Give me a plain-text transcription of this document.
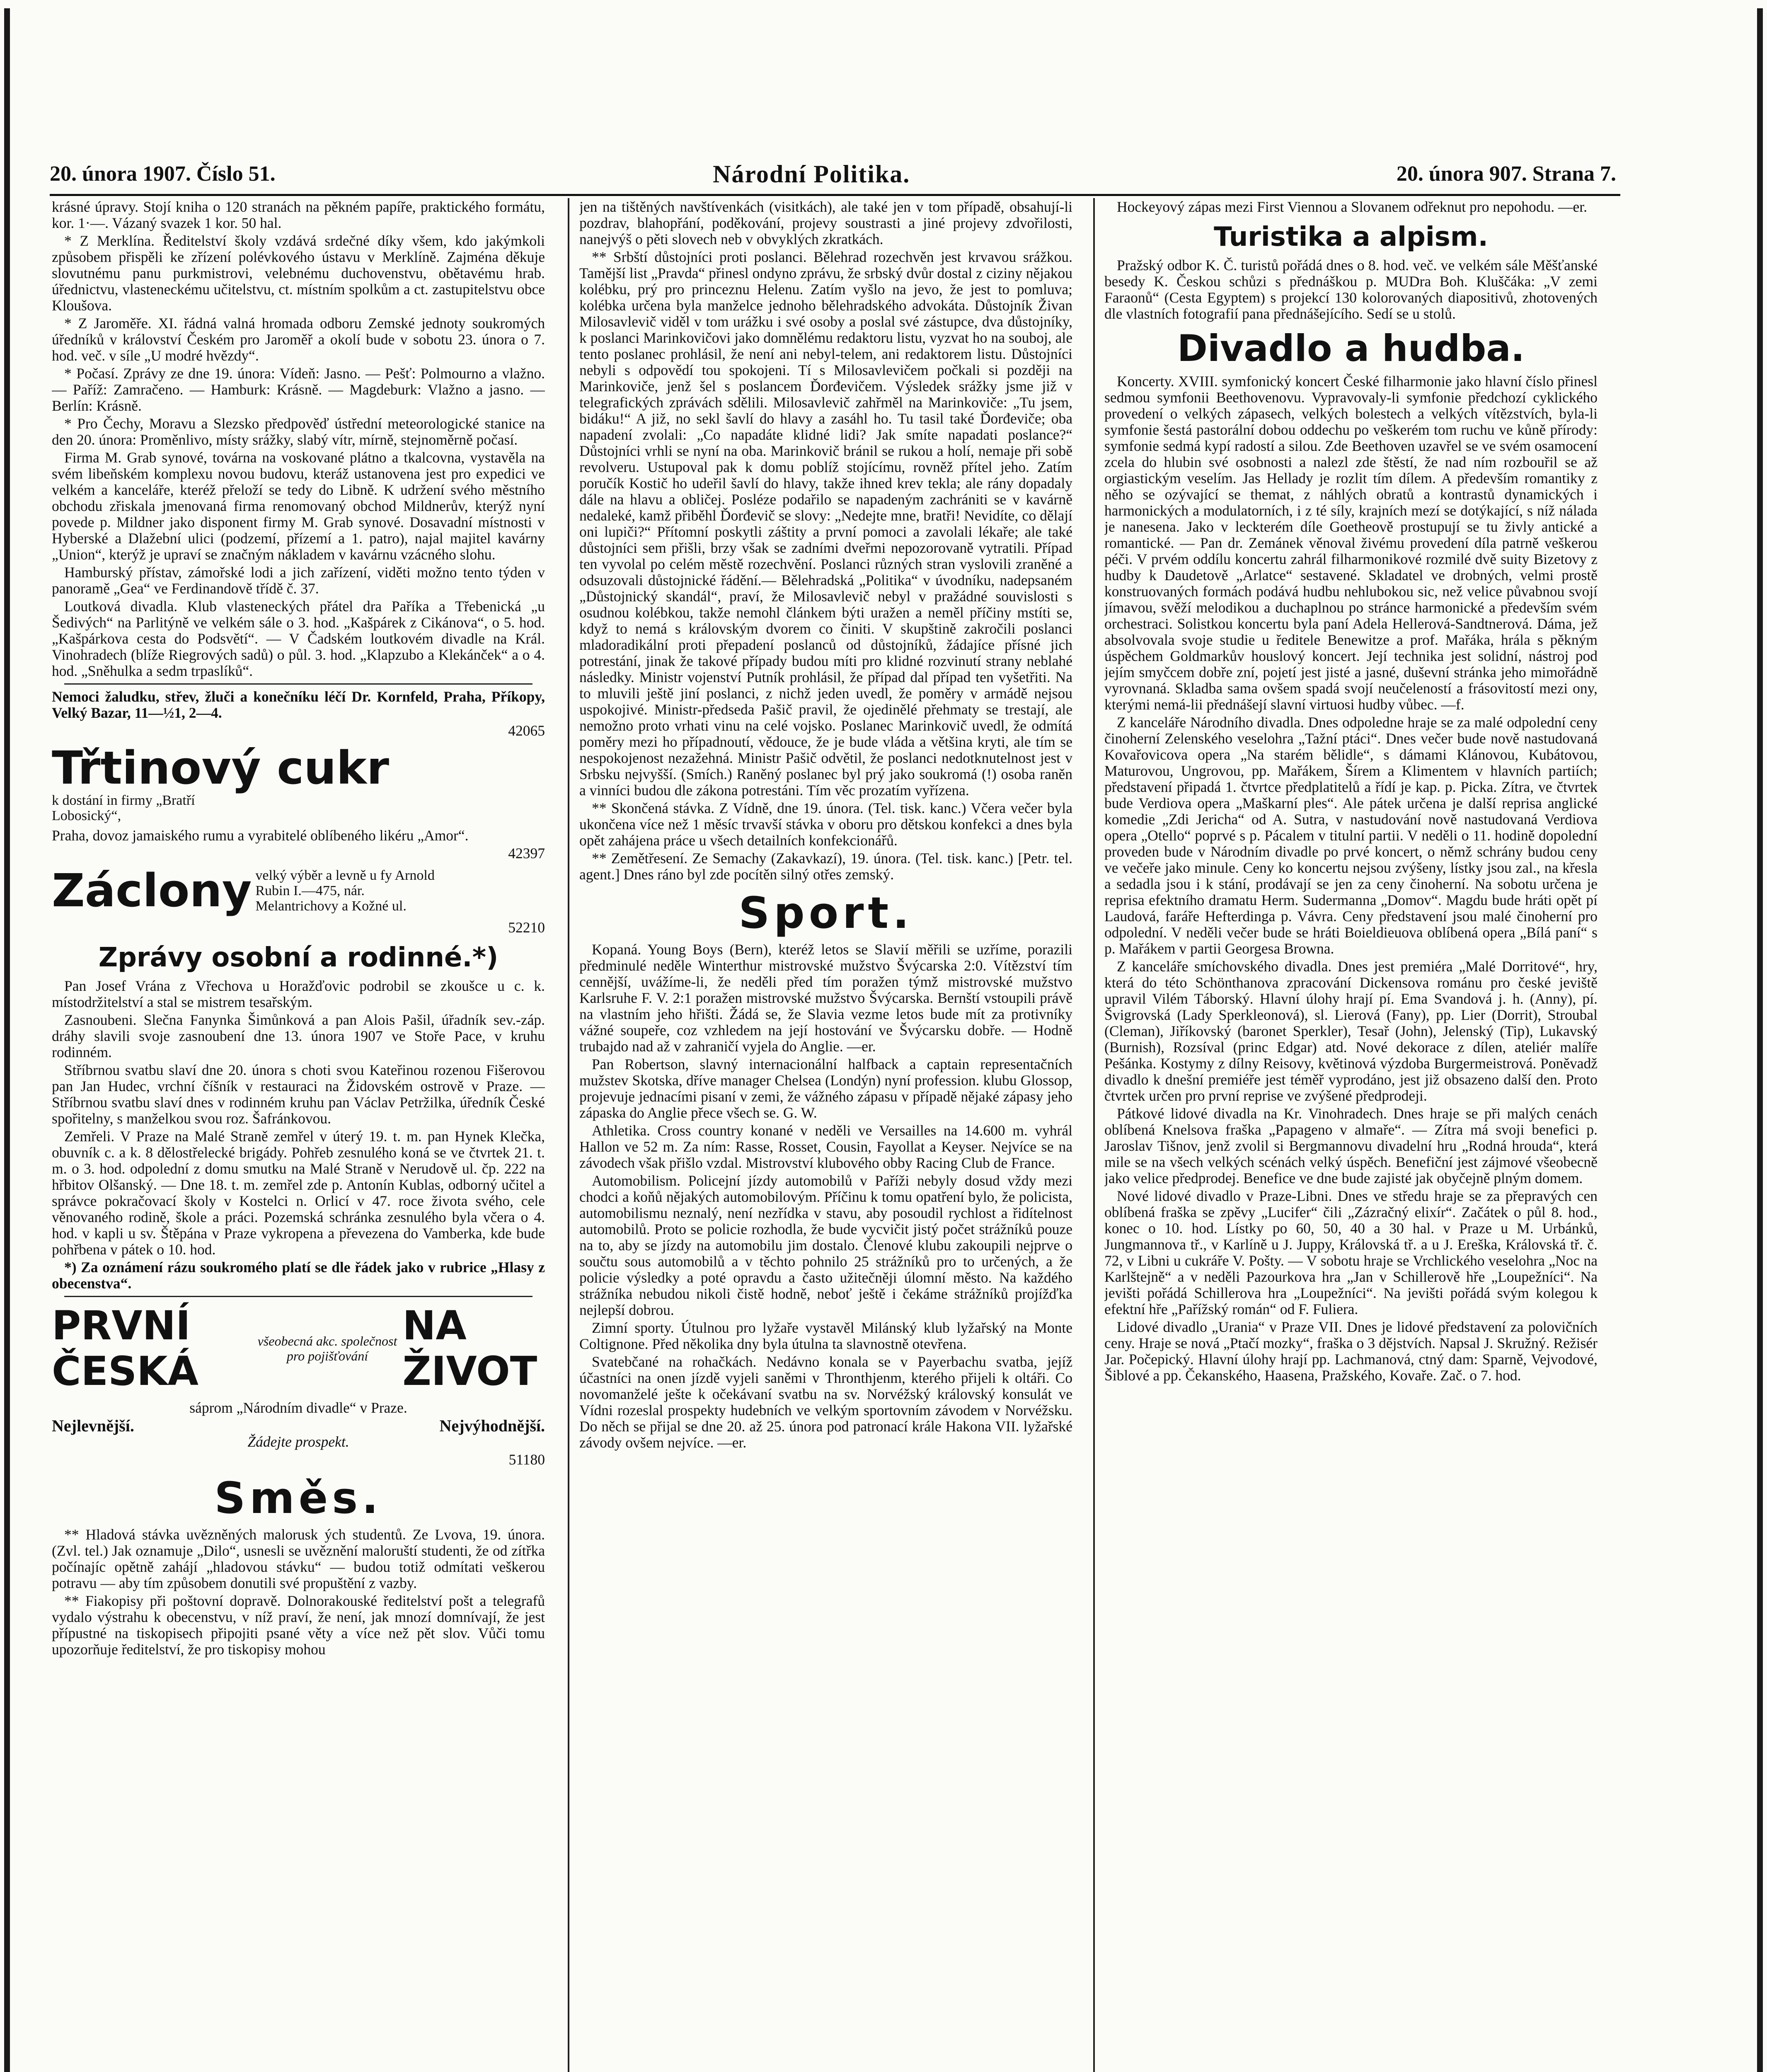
20. února 1907. Číslo 51.	Národní Politika.	20. února 907. Strana 7.

krásné úpravy. Stojí kniha o 120 stranách na pěkném papíře, praktického formátu, kor. 1·—. Vázaný svazek 1 kor. 50 hal.

* Z Merklína. Ředitelství školy vzdává srdečné díky všem, kdo jakýmkoli způsobem přispěli ke zřízení polévkového ústavu v Merklíně. Zajména děkuje slovutnému panu purkmistrovi, velebnému duchovenstvu, obětavému hrab. úřednictvu, vlasteneckému učitelstvu, ct. místním spolkům a ct. zastupitelstvu obce Kloušova.

* Z Jaroměře. XI. řádná valná hromada odboru Zemské jednoty soukromých úředníků v království Českém pro Jaroměř a okolí bude v sobotu 23. února o 7. hod. več. v síle „U modré hvězdy“.

* Počasí. Zprávy ze dne 19. února: Vídeň: Jasno. — Pešť: Polmourno a vlažno. — Paříž: Zamračeno. — Hamburk: Krásně. — Magdeburk: Vlažno a jasno. — Berlín: Krásně.

* Pro Čechy, Moravu a Slezsko předpověď ústřední meteorologické stanice na den 20. února: Proměnlivo, místy srážky, slabý vítr, mírně, stejnoměrně počasí.

Firma M. Grab synové, továrna na voskované plátno a tkalcovna, vystavěla na svém libeňském komplexu novou budovu, kteráž ustanovena jest pro expedici ve velkém a kanceláře, kteréž přeloží se tedy do Libně. K udržení svého městního obchodu zřiskala jmenovaná firma renomovaný obchod Mildnerův, kterýž nyní povede p. Mildner jako disponent firmy M. Grab synové. Dosavadní místnosti v Hyberské a Dlažební ulici (podzemí, přízemí a 1. patro), najal majitel kavárny „Union“, kterýž je upraví se značným nákladem v kavárnu vzácného slohu.

Hamburský přístav, zámořské lodi a jich zařízení, viděti možno tento týden v panoramě „Gea“ ve Ferdinandově třídě č. 37.

Loutková divadla. Klub vlasteneckých přátel dra Paříka a Třebenická „u Šedivých“ na Parlitýně ve velkém sále o 3. hod. „Kašpárek z Cikánova“, o 5. hod. „Kašpárkova cesta do Podsvětí“. — V Čadském loutkovém divadle na Král. Vinohradech (blíže Riegrových sadů) o půl. 3. hod. „Klapzubo a Klekánček“ a o 4. hod. „Sněhulka a sedm trpaslíků“.

Nemoci žaludku, střev, žluči a konečníku léčí Dr. Kornfeld, Praha, Příkopy, Velký Bazar, 11—½1, 2—4.

42065

Třtinový cukr k dostání in firmy „Bratří Lobosický“,

Praha, dovoz jamaiského rumu a vyrabitelé oblíbeného likéru „Amor“.

42397

Záclony velký výběr a levně u fy Arnold Rubin I.—475, nár. Melantrichovy a Kožné ul.

52210

Zprávy osobní a rodinné.*)

Pan Josef Vrána z Vřechova u Horažďovic podrobil se zkoušce u c. k. místodržitelství a stal se mistrem tesařským.

Zasnoubeni. Slečna Fanynka Šimůnková a pan Alois Pašil, úřadník sev.-záp. dráhy slavili svoje zasnoubení dne 13. února 1907 ve Stoře Pace, v kruhu rodinném.

Stříbrnou svatbu slaví dne 20. února s choti svou Kateřinou rozenou Fišerovou pan Jan Hudec, vrchní číšník v restauraci na Židovském ostrově v Praze. — Stříbrnou svatbu slaví dnes v rodinném kruhu pan Václav Petržilka, úředník České spořitelny, s manželkou svou roz. Šafránkovou.

Zemřeli. V Praze na Malé Straně zemřel v úterý 19. t. m. pan Hynek Klečka, obuvník c. a k. 8 dělostřelecké brigády. Pohřeb zesnulého koná se ve čtvrtek 21. t. m. o 3. hod. odpolední z domu smutku na Malé Straně v Nerudově ul. čp. 222 na hřbitov Olšanský. — Dne 18. t. m. zemřel zde p. Antonín Kublas, odborný učitel a správce pokračovací školy v Kostelci n. Orlicí v 47. roce života svého, cele věnovaného rodině, škole a práci. Pozemská schránka zesnulého byla včera o 4. hod. v kapli u sv. Štěpána v Praze vykropena a převezena do Vamberka, kde bude pohřbena v pátek o 10. hod.

*) Za oznámení rázu soukromého platí se dle řádek jako v rubrice „Hlasy z obecenstva“.

PRVNÍ ČESKÁ
všeobecná akc. společnost pro pojišťování
NA ŽIVOT

sáprom „Národním divadle“ v Praze.

Nejlevnější.	Nejvýhodnější.

Žádejte prospekt.

51180

Směs.

** Hladová stávka uvězněných malorusk ých studentů. Ze Lvova, 19. února. (Zvl. tel.) Jak oznamuje „Dilo“, usnesli se uvěznění maloruští studenti, že od zítřka počínajíc opětně zahájí „hladovou stávku“ — budou totiž odmítati veškerou potravu — aby tím způsobem donutili své propuštění z vazby.

** Fiakopisy při poštovní dopravě. Dolnorakouské ředitelství pošt a telegrafů vydalo výstrahu k obecenstvu, v níž praví, že není, jak mnozí domnívají, že jest přípustné na tiskopisech připojiti psané věty a více než pět slov. Vůči tomu upozorňuje ředitelství, že pro tiskopisy mohou

jen na tištěných navštívenkách (visitkách), ale také jen v tom případě, obsahují-li pozdrav, blahopřání, poděkování, projevy soustrasti a jiné projevy zdvořilosti, nanejvýš o pěti slovech neb v obvyklých zkratkách.

** Srbští důstojníci proti poslanci. Bělehrad rozechvěn jest krvavou srážkou. Tamější list „Pravda“ přinesl ondyno zprávu, že srbský dvůr dostal z ciziny nějakou kolébku, prý pro princeznu Helenu. Zatím vyšlo na jevo, že jest to pomluva; kolébka určena byla manželce jednoho bělehradského advokáta. Důstojník Živan Milosavlevič viděl v tom urážku i své osoby a poslal své zástupce, dva důstojníky, k poslanci Marinkovičovi jako domnělému redaktoru listu, vyzvat ho na souboj, ale tento poslanec prohlásil, že není ani nebyl-telem, ani redaktorem listu. Důstojníci nebyli s odpovědí tou spokojeni. Tí s Milosavlevičem počkali si později na Marinkoviče, jenž šel s poslancem Ďorđevičem. Výsledek srážky jsme již v telegrafických zprávách sdělili. Milosavlevič zahřměl na Marinkoviče: „Tu jsem, bidáku!“ A již, no sekl šavlí do hlavy a zasáhl ho. Tu tasil také Ďorđeviče; oba napadení zvolali: „Co napadáte klidné lidi? Jak smíte napadati poslance?“ Důstojníci vrhli se nyní na oba. Marinkovič bránil se rukou a holí, nemaje při sobě revolveru. Ustupoval pak k domu poblíž stojícímu, rovněž přítel jeho. Zatím poručík Kostič ho udeřil šavlí do hlavy, takže ihned krev tekla; ale rány dopadaly dále na hlavu a obličej. Posléze podařilo se napadeným zachrániti se v kavárně nedaleké, kamž přiběhl Ďorđevič se slovy: „Nedejte mne, bratři! Nevidíte, co dělají oni lupiči?“ Přítomní poskytli záštity a první pomoci a zavolali lékaře; ale také důstojníci sem přišli, brzy však se zadními dveřmi nepozorovaně vytratili. Případ ten vyvolal po celém městě rozechvění. Poslanci různých stran vyslovili zraněné a odsuzovali důstojnické řádění.— Bělehradská „Politika“ v úvodníku, nadepsaném „Důstojnický skandál“, praví, že Milosavlevič nebyl v pražádné souvislosti s osudnou kolébkou, takže nemohl článkem býti uražen a neměl příčiny mstíti se, když to nemá s královským dvorem co činiti. V skupštině zakročili poslanci mladoradikální proti přepadení poslanců od důstojníků, žádajíce přísné jich potrestání, jinak že takové případy budou míti pro klidné rozvinutí strany neblahé následky. Ministr vojenství Putník prohlásil, že případ dal případ ten vyšetřiti. Na to mluvili ještě jiní poslanci, z nichž jeden uvedl, že poměry v armádě nejsou uspokojivé. Ministr-předseda Pašič pravil, že ojedinělé přehmaty se trestají, ale nemožno proto vrhati vinu na celé vojsko. Poslanec Marinkovič uvedl, že odmítá poměry mezi ho případnoutí, vědouce, že je bude vláda a většina kryti, ale tím se nespokojenost nezažehná. Ministr Pašič odvětil, že poslanci nedotknutelnost jest v Srbsku nejvyšší. (Smích.) Raněný poslanec byl prý jako soukromá (!) osoba raněn a vinníci budou dle zákona potrestáni. Tím věc prozatím vyřízena.

** Skončená stávka. Z Vídně, dne 19. února. (Tel. tisk. kanc.) Včera večer byla ukončena více než 1 měsíc trvavší stávka v oboru pro dětskou konfekci a dnes byla opět zahájena práce u všech detailních konfekcionářů.

** Zemětřesení. Ze Semachy (Zakavkazí), 19. února. (Tel. tisk. kanc.) [Petr. tel. agent.] Dnes ráno byl zde pocítěn silný otřes zemský.

Sport.

Kopaná. Young Boys (Bern), kteréž letos se Slavií měřili se uzříme, porazili předminulé neděle Winterthur mistrovské mužstvo Švýcarska 2:0. Vítězství tím cennější, uvážíme-li, že neděli před tím poražen týmž mistrovské mužstvo Karlsruhe F. V. 2:1 poražen mistrovské mužstvo Švýcarska. Bernští vstoupili právě na vlastním jeho hřišti. Žádá se, že Slavia vezme letos bude mít za protivníky vážné soupeře, coz vzhledem na její hostování ve Švýcarsku dobře. — Hodně trubajdo nad až v zahraničí vyjela do Anglie. —er.

Pan Robertson, slavný internacionální halfback a captain representačních mužstev Skotska, dříve manager Chelsea (Londýn) nyní profession. klubu Glossop, projevuje jednacími pisaní v zemi, že vážného zápasu v případě nějaké zápasy jeho zápaska do Anglie přece všech se. G. W.

Athletika. Cross country konané v neděli ve Versailles na 14.600 m. vyhrál Hallon ve 52 m. Za ním: Rasse, Rosset, Cousin, Fayollat a Keyser. Nejvíce se na závodech však přišlo vzdal. Mistrovství klubového obby Racing Club de France.

Automobilism. Policejní jízdy automobilů v Paříži nebyly dosud vždy mezi chodci a koňů nějakých automobilovým. Příčinu k tomu opatření bylo, že policista, automobilismu neznalý, není nezřídka v stavu, aby posoudil rychlost a řidítelnost automobilů. Proto se policie rozhodla, že bude vycvičit jistý počet strážníků pouze na to, aby se jízdy na automobilu jim dostalo. Členové klubu zakoupili nejprve o součtu sous automobilů a v těchto pohnilo 25 strážníků pro to určených, a že policie výsledky a poté opravdu a často užitečněji úlomní město. Na každého strážníka nebudou nikoli čistě hodně, neboť ještě i čekáme strážníků projížďka nejlepší dobrou.

Zimní sporty. Útulnou pro lyžaře vystavěl Milánský klub lyžařský na Monte Coltignone. Před několika dny byla útulna ta slavnostně otevřena.

Svatebčané na rohačkách. Nedávno konala se v Payerbachu svatba, jejíž účastníci na onen jízdě vyjeli saněmi v Thronthjenm, kterého přijeli k oltáři. Co novomanželé ješte k očekávaní svatbu na sv. Norvéžský královský konsulát ve Vídni rozeslal prospekty hudebních ve velkým sportovním závodem v Norvéžsku. Do něch se přijal se dne 20. až 25. února pod patronací krále Hakona VII. lyžařské závody ovšem nejvíce. —er.

Hockeyový zápas mezi First Viennou a Slovanem odřeknut pro nepohodu. —er.

Turistika a alpism.

Pražský odbor K. Č. turistů pořádá dnes o 8. hod. več. ve velkém sále Měšťanské besedy K. Českou schůzi s přednáškou p. MUDra Boh. Kluščáka: „V zemi Faraonů“ (Cesta Egyptem) s projekcí 130 kolorovaných diapositivů, zhotovených dle vlastních fotografií pana přednášejícího. Sedí se u stolů.

Divadlo a hudba.

Koncerty. XVIII. symfonický koncert České filharmonie jako hlavní číslo přinesl sedmou symfonii Beethovenovu. Vypravovaly-li symfonie předchozí cyklického provedení o velkých zápasech, velkých bolestech a velkých vítězstvích, byla-li symfonie šestá pastorální dobou oddechu po veškerém tom ruchu ve kůně přírody: symfonie sedmá kypí radostí a silou. Zde Beethoven uzavřel se ve svém osamocení zcela do hlubin své osobnosti a nalezl zde štěstí, že nad ním rozbouřil se až orgiastickým veselím. Jas Hellady je rozlit tím dílem. A především romantiky z něho se ozývající se themat, z náhlých obratů a kontrastů dynamických i harmonických a modulatorních, i z té síly, krajních mezí se dotýkající, s níž nálada je nanesena. Jako v leckterém díle Goetheově prostupují se tu živly antické a romantické. — Pan dr. Zemánek věnoval živému provedení díla patrně veškerou péči. V prvém oddílu koncertu zahrál filharmonikové rozmilé dvě suity Bizetovy z hudby k Daudetově „Arlatce“ sestavené. Skladatel ve drobných, velmi prostě konstruovaných formách podává hudbu nehlubokou sic, než velice půvabnou svojí jímavou, svěží melodikou a duchaplnou po stránce harmonické a především svém orchestraci. Solistkou koncertu byla paní Adela Hellerová-Sandtnerová. Dáma, jež absolvovala svoje studie u ředitele Benewitze a prof. Mařáka, hrála s pěkným úspěchem Goldmarkův houslový koncert. Její technika jest solidní, nástroj pod jejím smyčcem dobře zní, pojetí jest jisté a jasné, duševní stránka jeho mimořádně vyrovnaná. Skladba sama ovšem spadá svojí neučeleností a frásovitostí mezi ony, kterými nemá-lii přednášejí slavní virtuosi hudby vůbec. —f.

Z kanceláře Národního divadla. Dnes odpoledne hraje se za malé odpolední ceny činoherní Zelenského veselohra „Tažní ptáci“. Dnes večer bude nově nastudovaná Kovařovicova opera „Na starém bělidle“, s dámami Klánovou, Kubátovou, Maturovou, Ungrovou, pp. Mařákem, Šírem a Klimentem v hlavních partiích; představení připadá 1. čtvrtce předplatitelů a řídí je kap. p. Picka. Zítra, ve čtvrtek bude Verdiova opera „Maškarní ples“. Ale pátek určena je další reprisa anglické komedie „Zdi Jericha“ od A. Sutra, v nastudování nově nastudovaná Verdiova opera „Otello“ poprvé s p. Pácalem v titulní partii. V neděli o 11. hodině dopolední proveden bude v Národním divadle po prvé koncert, o němž schrány budou ceny ve večeře jako minule. Ceny ko koncertu nejsou zvýšeny, lístky jsou zal., na křesla a sedadla jsou i k stání, prodávají se jen za ceny činoherní. Na sobotu určena je reprisa efektního dramatu Herm. Sudermanna „Domov“. Magdu bude hráti opět pí Laudová, faráře Hefterdinga p. Vávra. Ceny představení jsou malé činoherní pro odpolední. V neděli večer bude se hráti Boieldieuova oblíbená opera „Bílá paní“ s p. Mařákem v partii Georgesa Browna.

Z kanceláře smíchovského divadla. Dnes jest premiéra „Malé Dorritové“, hry, která do této Schönthanova zpracování Dickensova románu pro české jeviště upravil Vilém Táborský. Hlavní úlohy hrají pí. Ema Svandová j. h. (Anny), pí. Švigrovská (Lady Sperkleonová), sl. Lierová (Fany), pp. Lier (Dorrit), Stroubal (Cleman), Jiříkovský (baronet Sperkler), Tesař (John), Jelenský (Tip), Lukavský (Burnish), Rozsíval (princ Edgar) atd. Nové dekorace z dílen, ateliér malíře Pešánka. Kostymy z dílny Reisovy, květinová výzdoba Burgermeistrová. Poněvadž divadlo k dnešní premiéře jest téměř vyprodáno, jest již obsazeno další den. Proto čtvrtek určen pro první reprise ve zvýšené předprodeji.

Pátkové lidové divadla na Kr. Vinohradech. Dnes hraje se při malých cenách oblíbená Knelsova fraška „Papageno v almaře“. — Zítra má svoji benefici p. Jaroslav Tišnov, jenž zvolil si Bergmannovu divadelní hru „Rodná hrouda“, která mile se na všech velkých scénách velký úspěch. Benefiční jest zájmové všeobecně jako velice předprodej. Benefice ve dne bude zajisté jak obyčejně plným domem.

Nové lidové divadlo v Praze-Libni. Dnes ve středu hraje se za přepravých cen oblíbená fraška se zpěvy „Lucifer“ čili „Zázračný elixír“. Začátek o půl 8. hod., konec o 10. hod. Lístky po 60, 50, 40 a 30 hal. v Praze u M. Urbánků, Jungmannova tř., v Karlíně u J. Juppy, Královská tř. a u J. Ereška, Královská tř. č. 72, v Libni u cukráře V. Pošty. — V sobotu hraje se Vrchlického veselohra „Noc na Karlštejně“ a v neděli Pazourkova hra „Jan v Schillerově hře „Loupežníci“. Na jevišti pořádá Schillerova hra „Loupežníci“. Na jevišti pořádá svým kolegou k efektní hře „Pařížský román“ od F. Fuliera.

Lidové divadlo „Urania“ v Praze VII. Dnes je lidové představení za polovičních ceny. Hraje se nová „Ptačí mozky“, fraška o 3 dějstvích. Napsal J. Skružný. Režisér Jar. Počepický. Hlavní úlohy hrají pp. Lachmanová, ctný dam: Sparně, Vejvodové, Šiblové a pp. Čekanského, Haasena, Pražského, Kovaře. Zač. o 7. hod.
